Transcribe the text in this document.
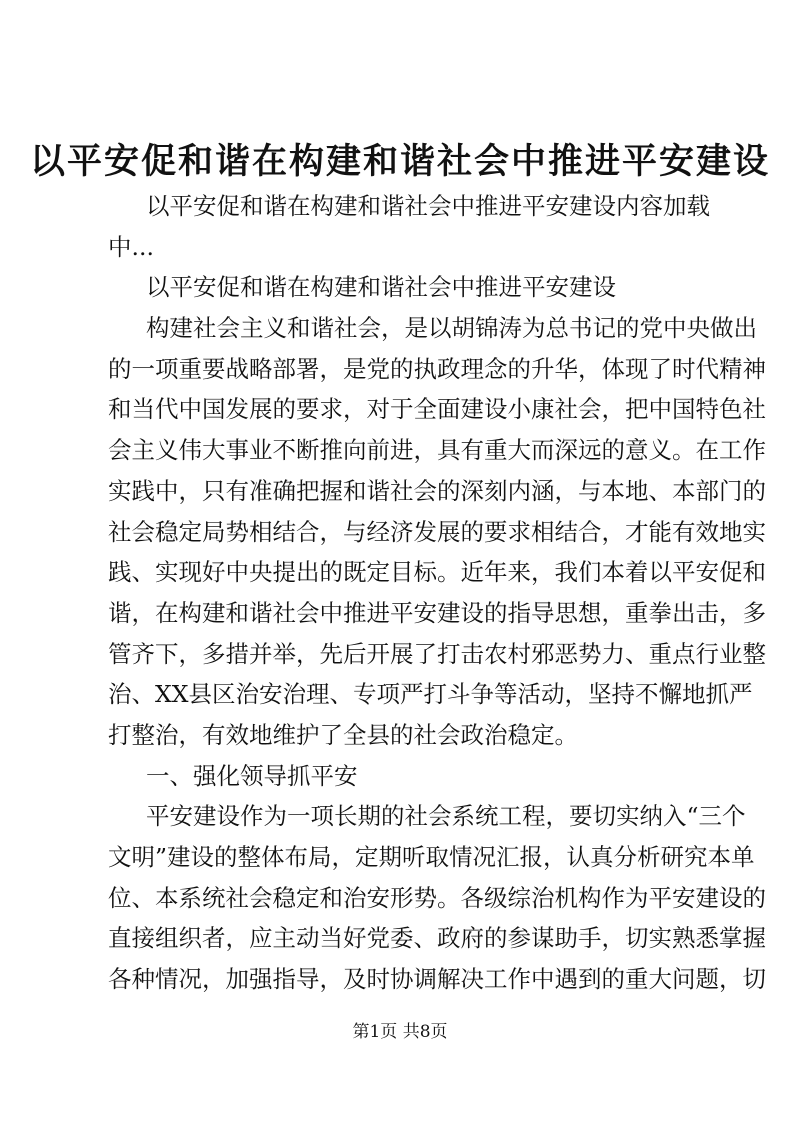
以平安促和谐在构建和谐社会中推进平安建设
以平安促和谐在构建和谐社会中推进平安建设内容加载
中...
以平安促和谐在构建和谐社会中推进平安建设
构建社会主义和谐社会，是以胡锦涛为总书记的党中央做出
的一项重要战略部署，是党的执政理念的升华，体现了时代精神
和当代中国发展的要求，对于全面建设小康社会，把中国特色社
会主义伟大事业不断推向前进，具有重大而深远的意义。在工作
实践中，只有准确把握和谐社会的深刻内涵，与本地、本部门的
社会稳定局势相结合，与经济发展的要求相结合，才能有效地实
践、实现好中央提出的既定目标。近年来，我们本着以平安促和
谐，在构建和谐社会中推进平安建设的指导思想，重拳出击，多
管齐下，多措并举，先后开展了打击农村邪恶势力、重点行业整
治、XX县区治安治理、专项严打斗争等活动，坚持不懈地抓严
打整治，有效地维护了全县的社会政治稳定。
一、强化领导抓平安
平安建设作为一项长期的社会系统工程，要切实纳入“三个
文明”建设的整体布局，定期听取情况汇报，认真分析研究本单
位、本系统社会稳定和治安形势。各级综治机构作为平安建设的
直接组织者，应主动当好党委、政府的参谋助手，切实熟悉掌握
各种情况，加强指导，及时协调解决工作中遇到的重大问题，切
第1页 共8页
